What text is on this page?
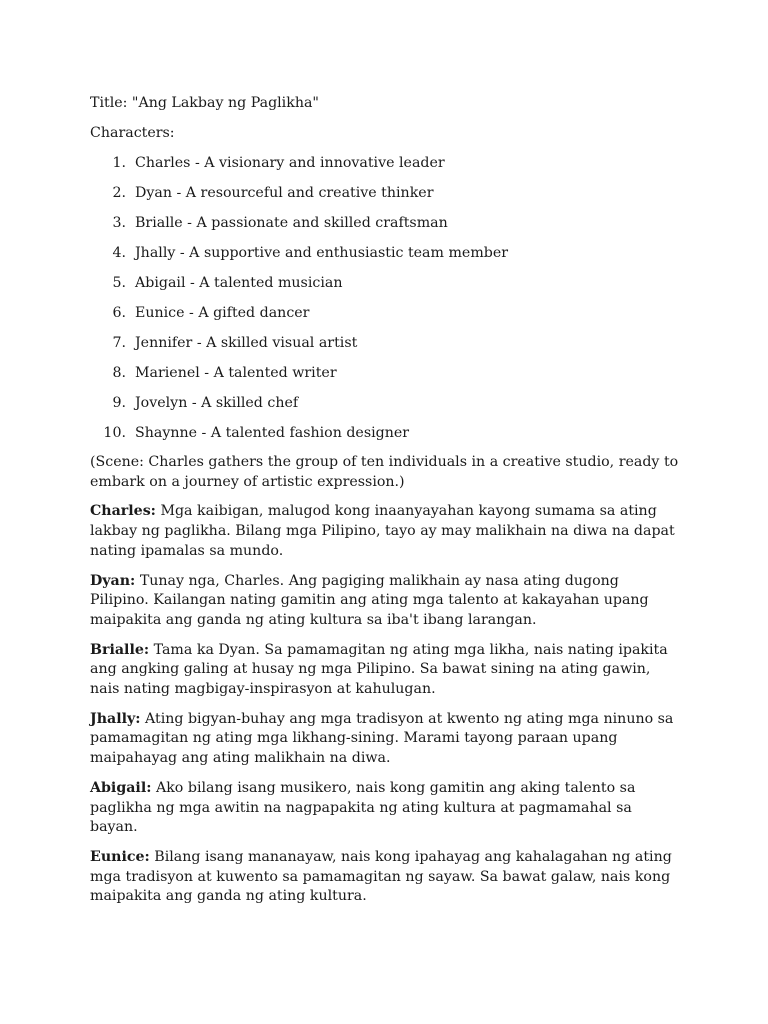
Title: "Ang Lakbay ng Paglikha"

Characters:

1. Charles - A visionary and innovative leader
2. Dyan - A resourceful and creative thinker
3. Brialle - A passionate and skilled craftsman
4. Jhally - A supportive and enthusiastic team member
5. Abigail - A talented musician
6. Eunice - A gifted dancer
7. Jennifer - A skilled visual artist
8. Marienel - A talented writer
9. Jovelyn - A skilled chef
10. Shaynne - A talented fashion designer

(Scene: Charles gathers the group of ten individuals in a creative studio, ready to embark on a journey of artistic expression.)

Charles: Mga kaibigan, malugod kong inaanyayahan kayong sumama sa ating lakbay ng paglikha. Bilang mga Pilipino, tayo ay may malikhain na diwa na dapat nating ipamalas sa mundo.

Dyan: Tunay nga, Charles. Ang pagiging malikhain ay nasa ating dugong Pilipino. Kailangan nating gamitin ang ating mga talento at kakayahan upang maipakita ang ganda ng ating kultura sa iba't ibang larangan.

Brialle: Tama ka Dyan. Sa pamamagitan ng ating mga likha, nais nating ipakita ang angking galing at husay ng mga Pilipino. Sa bawat sining na ating gawin, nais nating magbigay-inspirasyon at kahulugan.

Jhally: Ating bigyan-buhay ang mga tradisyon at kwento ng ating mga ninuno sa pamamagitan ng ating mga likhang-sining. Marami tayong paraan upang maipahayag ang ating malikhain na diwa.

Abigail: Ako bilang isang musikero, nais kong gamitin ang aking talento sa paglikha ng mga awitin na nagpapakita ng ating kultura at pagmamahal sa bayan.

Eunice: Bilang isang mananayaw, nais kong ipahayag ang kahalagahan ng ating mga tradisyon at kuwento sa pamamagitan ng sayaw. Sa bawat galaw, nais kong maipakita ang ganda ng ating kultura.
